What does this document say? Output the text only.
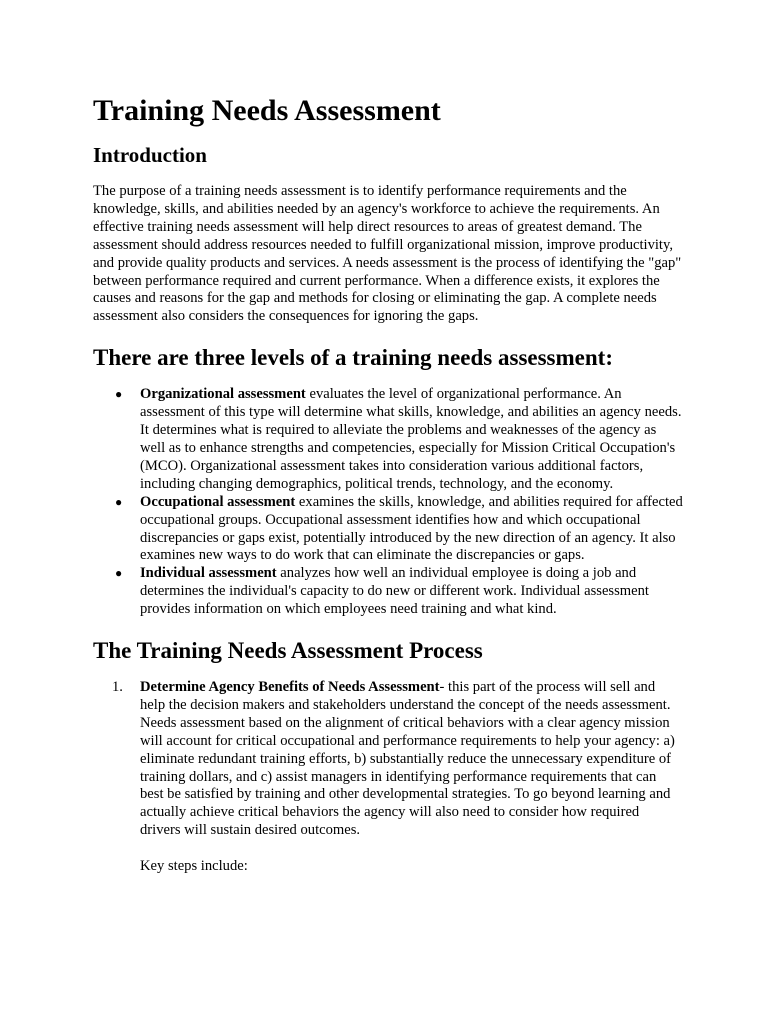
Training Needs Assessment
Introduction

The purpose of a training needs assessment is to identify performance requirements and the knowledge, skills, and abilities needed by an agency's workforce to achieve the requirements. An effective training needs assessment will help direct resources to areas of greatest demand. The assessment should address resources needed to fulfill organizational mission, improve productivity, and provide quality products and services. A needs assessment is the process of identifying the "gap" between performance required and current performance. When a difference exists, it explores the causes and reasons for the gap and methods for closing or eliminating the gap. A complete needs assessment also considers the consequences for ignoring the gaps.

There are three levels of a training needs assessment:
● Organizational assessment evaluates the level of organizational performance. An assessment of this type will determine what skills, knowledge, and abilities an agency needs. It determines what is required to alleviate the problems and weaknesses of the agency as well as to enhance strengths and competencies, especially for Mission Critical Occupation's (MCO). Organizational assessment takes into consideration various additional factors, including changing demographics, political trends, technology, and the economy.
● Occupational assessment examines the skills, knowledge, and abilities required for affected occupational groups. Occupational assessment identifies how and which occupational discrepancies or gaps exist, potentially introduced by the new direction of an agency. It also examines new ways to do work that can eliminate the discrepancies or gaps.
● Individual assessment analyzes how well an individual employee is doing a job and determines the individual's capacity to do new or different work. Individual assessment provides information on which employees need training and what kind.
The Training Needs Assessment Process
1. Determine Agency Benefits of Needs Assessment- this part of the process will sell and help the decision makers and stakeholders understand the concept of the needs assessment. Needs assessment based on the alignment of critical behaviors with a clear agency mission will account for critical occupational and performance requirements to help your agency: a) eliminate redundant training efforts, b) substantially reduce the unnecessary expenditure of training dollars, and c) assist managers in identifying performance requirements that can best be satisfied by training and other developmental strategies. To go beyond learning and actually achieve critical behaviors the agency will also need to consider how required drivers will sustain desired outcomes.

Key steps include:
